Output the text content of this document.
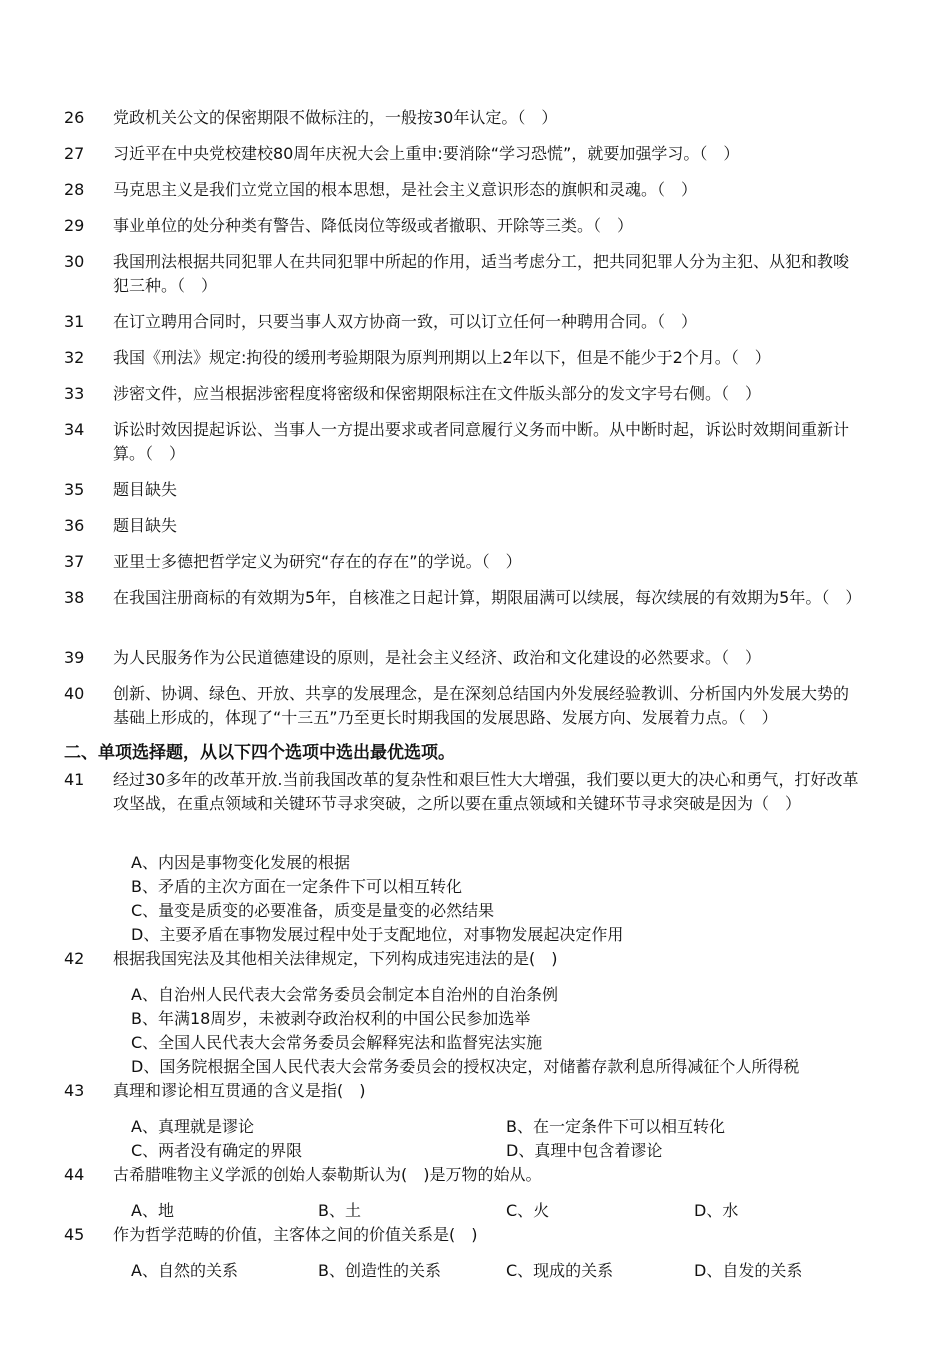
26	党政机关公文的保密期限不做标注的，一般按30年认定。（　）
27	习近平在中央党校建校80周年庆祝大会上重申:要消除“学习恐慌”，就要加强学习。（　）
28	马克思主义是我们立党立国的根本思想，是社会主义意识形态的旗帜和灵魂。（　）
29	事业单位的处分种类有警告、降低岗位等级或者撤职、开除等三类。（　）
30	我国刑法根据共同犯罪人在共同犯罪中所起的作用，适当考虑分工，把共同犯罪人分为主犯、从犯和教唆犯三种。（　）
31	在订立聘用合同时，只要当事人双方协商一致，可以订立任何一种聘用合同。（　）
32	我国《刑法》规定:拘役的缓刑考验期限为原判刑期以上2年以下，但是不能少于2个月。（　）
33	涉密文件，应当根据涉密程度将密级和保密期限标注在文件版头部分的发文字号右侧。（　）
34	诉讼时效因提起诉讼、当事人一方提出要求或者同意履行义务而中断。从中断时起，诉讼时效期间重新计算。（　）
35	题目缺失
36	题目缺失
37	亚里士多德把哲学定义为研究“存在的存在”的学说。（　）
38	在我国注册商标的有效期为5年，自核准之日起计算，期限届满可以续展，每次续展的有效期为5年。（　）
39	为人民服务作为公民道德建设的原则，是社会主义经济、政治和文化建设的必然要求。（　）
40	创新、协调、绿色、开放、共享的发展理念，是在深刻总结国内外发展经验教训、分析国内外发展大势的基础上形成的，体现了“十三五”乃至更长时期我国的发展思路、发展方向、发展着力点。（　）
二、单项选择题，从以下四个选项中选出最优选项。
41	经过30多年的改革开放.当前我国改革的复杂性和艰巨性大大增强，我们要以更大的决心和勇气，打好改革攻坚战，在重点领域和关键环节寻求突破，之所以要在重点领域和关键环节寻求突破是因为（　）
A、内因是事物变化发展的根据
B、矛盾的主次方面在一定条件下可以相互转化
C、量变是质变的必要准备，质变是量变的必然结果
D、主要矛盾在事物发展过程中处于支配地位，对事物发展起决定作用
42	根据我国宪法及其他相关法律规定，下列构成违宪违法的是(　)
A、自治州人民代表大会常务委员会制定本自治州的自治条例
B、年满18周岁，未被剥夺政治权利的中国公民参加选举
C、全国人民代表大会常务委员会解释宪法和监督宪法实施
D、国务院根据全国人民代表大会常务委员会的授权决定，对储蓄存款利息所得减征个人所得税
43	真理和谬论相互贯通的含义是指(　)
A、真理就是谬论	B、在一定条件下可以相互转化
C、两者没有确定的界限	D、真理中包含着谬论
44	古希腊唯物主义学派的创始人泰勒斯认为(　)是万物的始从。
A、地	B、土	C、火	D、水
45	作为哲学范畴的价值，主客体之间的价值关系是(　)
A、自然的关系	B、创造性的关系	C、现成的关系	D、自发的关系
